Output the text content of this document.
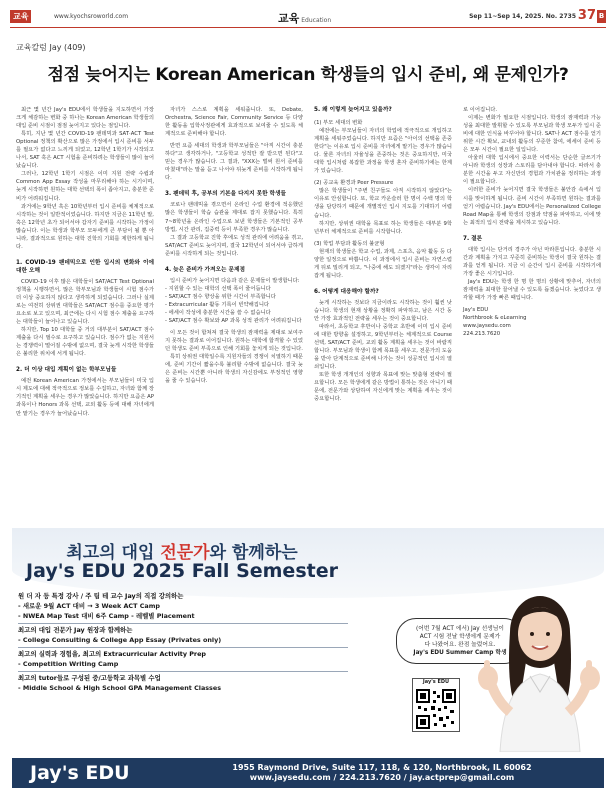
교육	www.kyochsroworld.com	교육 Education
Sep 11~Sep 14, 2025. No. 2735 37 B
교육칼럼 Jay (409)
점점 늦어지는 Korean American 학생들의 입시 준비, 왜 문제인가?

최근 몇 년간 Jay's EDU에서 학생들을 지도하면서 가장 크게 체감하는 변화 중 하나는 Korean American 학생들의 대입 준비 시점이 점점 늦어지고 있다는 점입니다.

특히, 지난 몇 년간 COVID-19 팬데믹과 SAT·ACT Test Optional 정책의 확산으로 많은 가정에서 입시 준비를 서두를 필요가 없다고 느끼게 되었고, 12학년 1학기가 시작되고 나서, SAT 혹은 ACT 시험을 준비하려는 학생들이 많이 늘어났습니다.

그러나, 12학년 1학기 시점은 이미 지원 전략 수립과 Common App Essay 작성을 마무리해야 하는 시기이며, 늦게 시작하면 원하는 대학 선택의 폭이 좁아지고, 충분한 준비가 어려워집니다.

과거에는 9학년 혹은 10학년부터 입시 준비를 체계적으로 시작하는 것이 일반적이었습니다. 하지만 지금은 11학년 말, 혹은 12학년 초가 되어서야 갑자기 준비를 시작하는 가정이 많습니다. 이는 학생과 학부모 모두에게 큰 부담이 될 뿐 아니라, 결과적으로 원하는 대학 진학의 기회를 제한하게 됩니다.

1. COVID-19 팬데믹으로 인한 입시의 변화와 이에 대한 오해

COVID-19 이후 많은 대학들이 SAT/ACT Test Optional 정책을 시행하면서, 많은 학부모님과 학생들이 시험 점수가 더 이상 중요하지 않다고 생각하게 되었습니다. 그러나 실제로는 여전히 상위권 대학들은 SAT/ACT 점수를 중요한 평가 요소로 보고 있으며, 최근에는 다시 시험 점수 제출을 요구하는 대학들이 늘어나고 있습니다.

하지만, Top 10 대학들 중 거의 대부분이 SAT/ACT 점수 제출을 다시 필수로 요구하고 있습니다. 점수가 없는 지원서는 경쟁력이 떨어질 수밖에 없으며, 결국 늦게 시작한 학생들은 불리한 위치에 서게 됩니다.

2. 더 이상 대입 계획이 없는 학부모님들

예전 Korean American 가정에서는 부모님들이 미국 입시 제도에 대해 적극적으로 정보를 수집하고, 자녀와 함께 장기적인 계획을 세우는 경우가 많았습니다. 하지만 요즘은 AP 과목이나 Honors 과목 선택, 교외 활동 등에 대해 자녀에게만 맡기는 경우가 늘어났습니다.

자녀가 스스로 계획을 세워줍니다. 또, Debate, Orchestra, Science Fair, Community Service 등 다양한 활동을 입학사정관에게 효과적으로 보여줄 수 있도록 체계적으로 준비해야 합니다.

반면 요즘 세대의 학생과 학부모님들은 "아직 시간이 충분하다"고 생각하거나, "고등학교 성적만 잘 받으면 된다"고 믿는 경우가 많습니다. 그 결과, "XXX는 벌써 원서 준비를 마쳤대"라는 말을 듣고 나서야 뒤늦게 준비를 시작하게 됩니다.

3. 팬데믹 후, 공부의 기본을 다지지 못한 학생들

코로나 팬데믹을 겪으면서 온라인 수업 환경에 적응했던 많은 학생들이 학습 습관을 제대로 잡지 못했습니다. 특히 7~8학년을 온라인 수업으로 보낸 학생들은 기본적인 공부 방법, 시간 관리, 집중력 등이 부족한 경우가 많습니다.

그 결과 고등학교 진학 후에도 성적 관리에 어려움을 겪고, SAT/ACT 준비도 늦어지며, 결국 12학년이 되어서야 급하게 준비를 시작하게 되는 것입니다.

4. 늦은 준비가 가져오는 문제점

입시 준비가 늦어지면 다음과 같은 문제들이 발생합니다:

- 지원할 수 있는 대학의 선택 폭이 줄어듭니다

- SAT/ACT 점수 향상을 위한 시간이 부족합니다

- Extracurricular 활동 기록이 빈약해집니다

- 에세이 작성에 충분한 시간을 쓸 수 없습니다

- SAT/ACT 점수 확보와 AP 과목 성적 관리가 어려워집니다

이 모든 것이 합쳐져 결국 학생의 잠재력을 제대로 보여주지 못하는 결과로 이어집니다. 원하는 대학에 합격할 수 있었던 학생도 준비 부족으로 인해 기회를 놓치게 되는 것입니다.

특히 상위권 대학일수록 지원자들의 경쟁이 치열하기 때문에, 준비 기간이 짧을수록 불리할 수밖에 없습니다. 결국 늦은 준비는 시간뿐 아니라 학생의 자신감에도 부정적인 영향을 줄 수 있습니다.

5. 왜 이렇게 늦어지고 있을까?

(1) 부모 세대의 변화

예전에는 부모님들이 자녀의 학업에 적극적으로 개입하고 계획을 세워주었습니다. 하지만 요즘은 "아이의 선택을 존중한다"는 이유로 입시 준비를 자녀에게 맡기는 경우가 많습니다. 물론 자녀의 자율성을 존중하는 것은 중요하지만, 미국 대학 입시처럼 복잡한 과정을 학생 혼자 준비하기에는 한계가 있습니다.

(2) 공교육 환경과 Peer Pressure

많은 학생들이 "주변 친구들도 아직 시작하지 않았다"는 이유로 안심합니다. 또, 학교 카운슬러 한 명이 수백 명의 학생을 담당하기 때문에 개별적인 입시 지도를 기대하기 어렵습니다.

하지만, 상위권 대학을 목표로 하는 학생들은 대부분 9학년부터 체계적으로 준비를 시작합니다.

(3) 학업 부담과 활동의 불균형

현재의 학생들은 학교 수업, 과제, 스포츠, 음악 활동 등 다양한 일정으로 바쁩니다. 이 과정에서 입시 준비는 자연스럽게 뒤로 밀리게 되고, "나중에 해도 되겠지"라는 생각이 자리잡게 됩니다.

6. 어떻게 대응해야 할까?

늦게 시작하는 것보다 지금이라도 시작하는 것이 훨씬 낫습니다. 학생의 현재 상황을 정확히 파악하고, 남은 시간 동안 가장 효과적인 전략을 세우는 것이 중요합니다.

따라서, 초등학교 후반이나 중학교 초반에 이미 입시 준비에 대한 방향을 설정하고, 9학년부터는 체계적으로 Course 선택, SAT/ACT 준비, 교외 활동 계획을 세우는 것이 바람직합니다. 부모님과 학생이 함께 목표를 세우고, 전문가의 도움을 받아 단계적으로 준비해 나가는 것이 성공적인 입시의 열쇠입니다.

또한 학생 개개인의 성향과 목표에 맞는 맞춤형 전략이 필요합니다. 모든 학생에게 같은 방법이 통하는 것은 아니기 때문에, 전문가와 상담하여 자신에게 맞는 계획을 세우는 것이 중요합니다.

로 이어집니다.

이제는 변화가 필요한 시점입니다. 학생의 잠재력과 가능성을 최대한 발휘할 수 있도록 부모님과 학생 모두가 입시 준비에 대한 인식을 바꾸어야 합니다. SAT나 ACT 점수를 얻기 위한 시간 확보, 교내외 활동의 꾸준한 참여, 에세이 준비 등은 모두 시간이 필요한 일입니다.

아울러 대학 입시에서 중요한 이력서는 단순한 글쓰기가 아니라 학생의 성장과 스토리를 담아내야 합니다. 따라서 충분한 시간을 두고 자신만의 경험과 가치관을 정리하는 과정이 필요합니다.

이러한 준비가 늦어지면 결국 학생들은 불안감 속에서 입시를 맞이하게 됩니다. 준비 시간이 부족하면 원하는 결과를 얻기 어렵습니다. Jay's EDU에서는 Personalized College Road Map을 통해 학생의 강점과 약점을 파악하고, 이에 맞는 최적의 입시 전략을 제시하고 있습니다.

7. 결론

대학 입시는 단거리 경주가 아닌 마라톤입니다. 충분한 시간과 계획을 가지고 꾸준히 준비하는 학생이 결국 원하는 결과를 얻게 됩니다. 지금 이 순간이 입시 준비를 시작하기에 가장 좋은 시기입니다.

Jay's EDU는 학생 한 명 한 명의 상황에 맞추어, 자녀의 잠재력을 최대한 끌어낼 수 있도록 돕겠습니다. 늦었다고 생각할 때가 가장 빠른 때입니다.

Jay's EDU

Northbrook & eLearning

www.jaysedu.com

224.213.7620

최고의 대입 전문가와 함께하는
Jay's EDU 2025 Fall Semester
원 더 자 등 특정 강사 / 주 팀 테 교수 Jay의 직접 강의하는
- 새로운 9월 ACT 대비 → 3 Week ACT Camp
- NWEA Map Test 대비 6주 Camp - 레벨별 Placement
최고의 대입 전문가 Jay 원장과 함께하는
- College Consulting & College App Essay (Privates only)
최고의 실력과 경험을, 최고의 Extracurricular Activity Prep
- Competition Writing Camp
최고의 tutor들로 구성된 중/고등학교 과목별 수업
- Middle School & High School GPA Management Classes
(어번 7월 ACT 에서) Jay 선생님이
ACT 시험 전날 학생에게 문제가
다 나왔어요. 완점 놀렀어요.
Jay's EDU Summer Camp 학생
Jay's EDU
Jay's EDU	1955 Raymond Drive, Suite 117, 118, & 120, Northbrook, IL 60062
www.jaysedu.com / 224.213.7620 / jay.actprep@gmail.com
